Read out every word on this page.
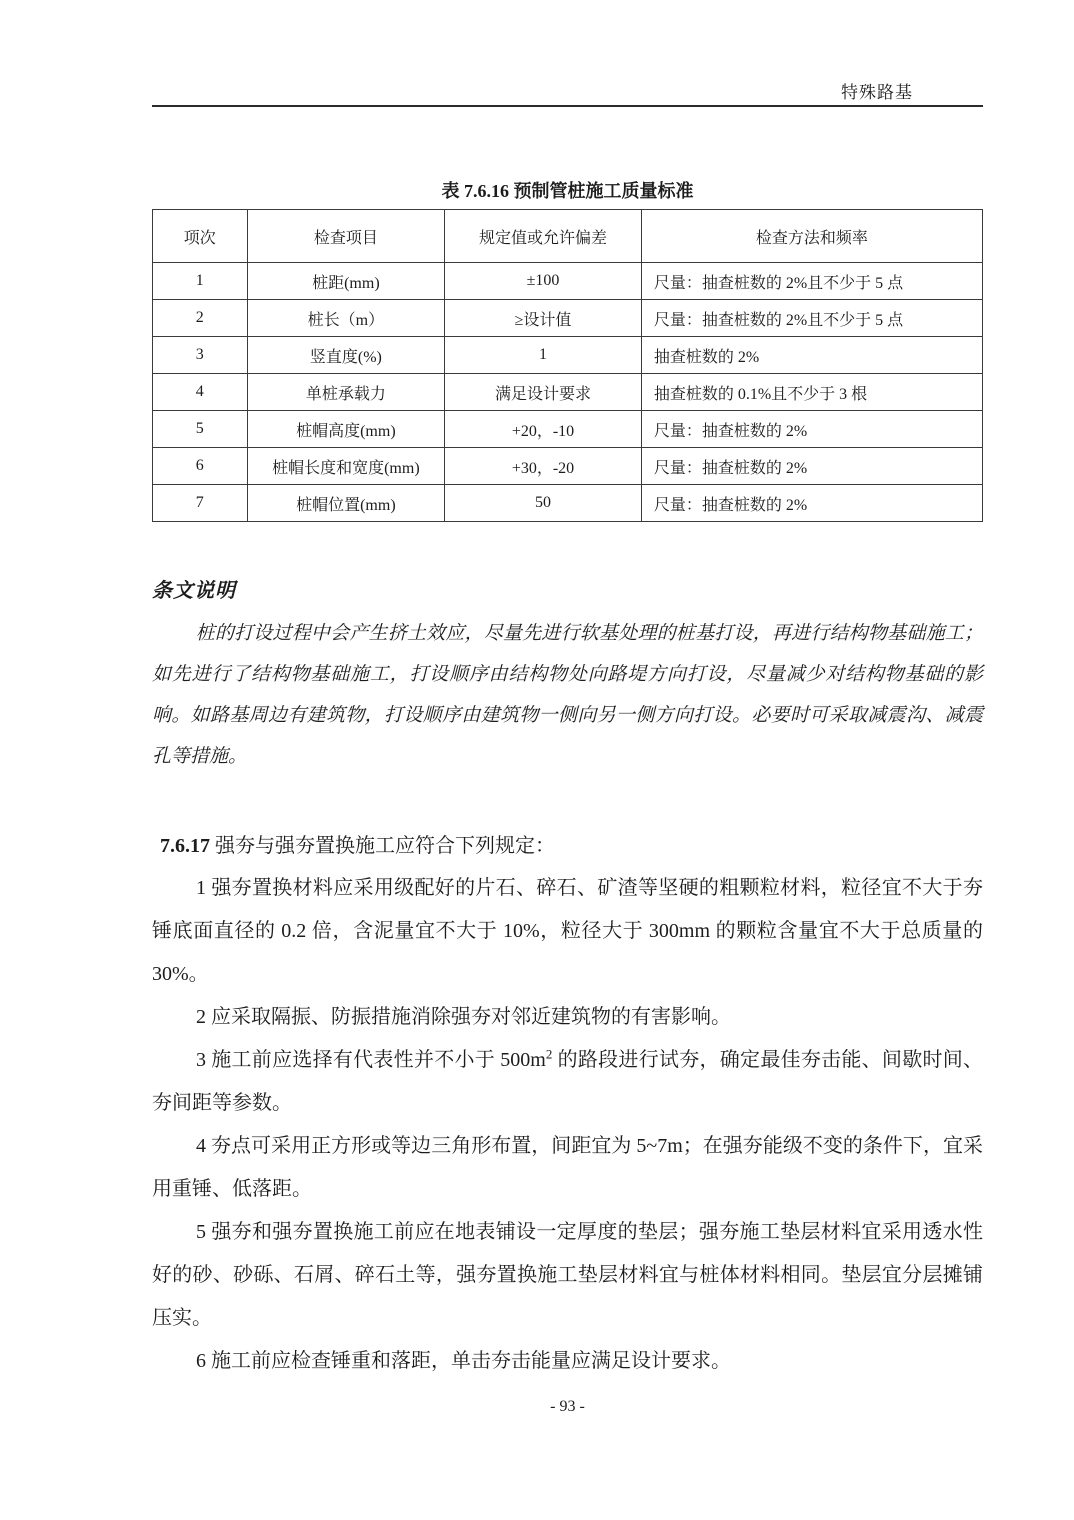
特殊路基
表 7.6.16 预制管桩施工质量标准
项次	检查项目	规定值或允许偏差	检查方法和频率
1	桩距(mm)	±100	尺量：抽查桩数的 2%且不少于 5 点
2	桩长（m）	≥设计值	尺量：抽查桩数的 2%且不少于 5 点
3	竖直度(%)	1	抽查桩数的 2%
4	单桩承载力	满足设计要求	抽查桩数的 0.1%且不少于 3 根
5	桩帽高度(mm)	+20，-10	尺量：抽查桩数的 2%
6	桩帽长度和宽度(mm)	+30，-20	尺量：抽查桩数的 2%
7	桩帽位置(mm)	50	尺量：抽查桩数的 2%
条文说明

桩的打设过程中会产生挤土效应，尽量先进行软基处理的桩基打设，再进行结构物基础施工；如先进行了结构物基础施工，打设顺序由结构物处向路堤方向打设，尽量减少对结构物基础的影响。如路基周边有建筑物，打设顺序由建筑物一侧向另一侧方向打设。必要时可采取减震沟、减震孔等措施。

7.6.17 强夯与强夯置换施工应符合下列规定：

1 强夯置换材料应采用级配好的片石、碎石、矿渣等坚硬的粗颗粒材料，粒径宜不大于夯锤底面直径的 0.2 倍，含泥量宜不大于 10%，粒径大于 300mm 的颗粒含量宜不大于总质量的 30%。

2 应采取隔振、防振措施消除强夯对邻近建筑物的有害影响。

3 施工前应选择有代表性并不小于 $500m^2$ 的路段进行试夯，确定最佳夯击能、间歇时间、夯间距等参数。

4 夯点可采用正方形或等边三角形布置，间距宜为 5~7m；在强夯能级不变的条件下，宜采用重锤、低落距。

5 强夯和强夯置换施工前应在地表铺设一定厚度的垫层；强夯施工垫层材料宜采用透水性好的砂、砂砾、石屑、碎石土等，强夯置换施工垫层材料宜与桩体材料相同。垫层宜分层摊铺压实。

6 施工前应检查锤重和落距，单击夯击能量应满足设计要求。

- 93 -
